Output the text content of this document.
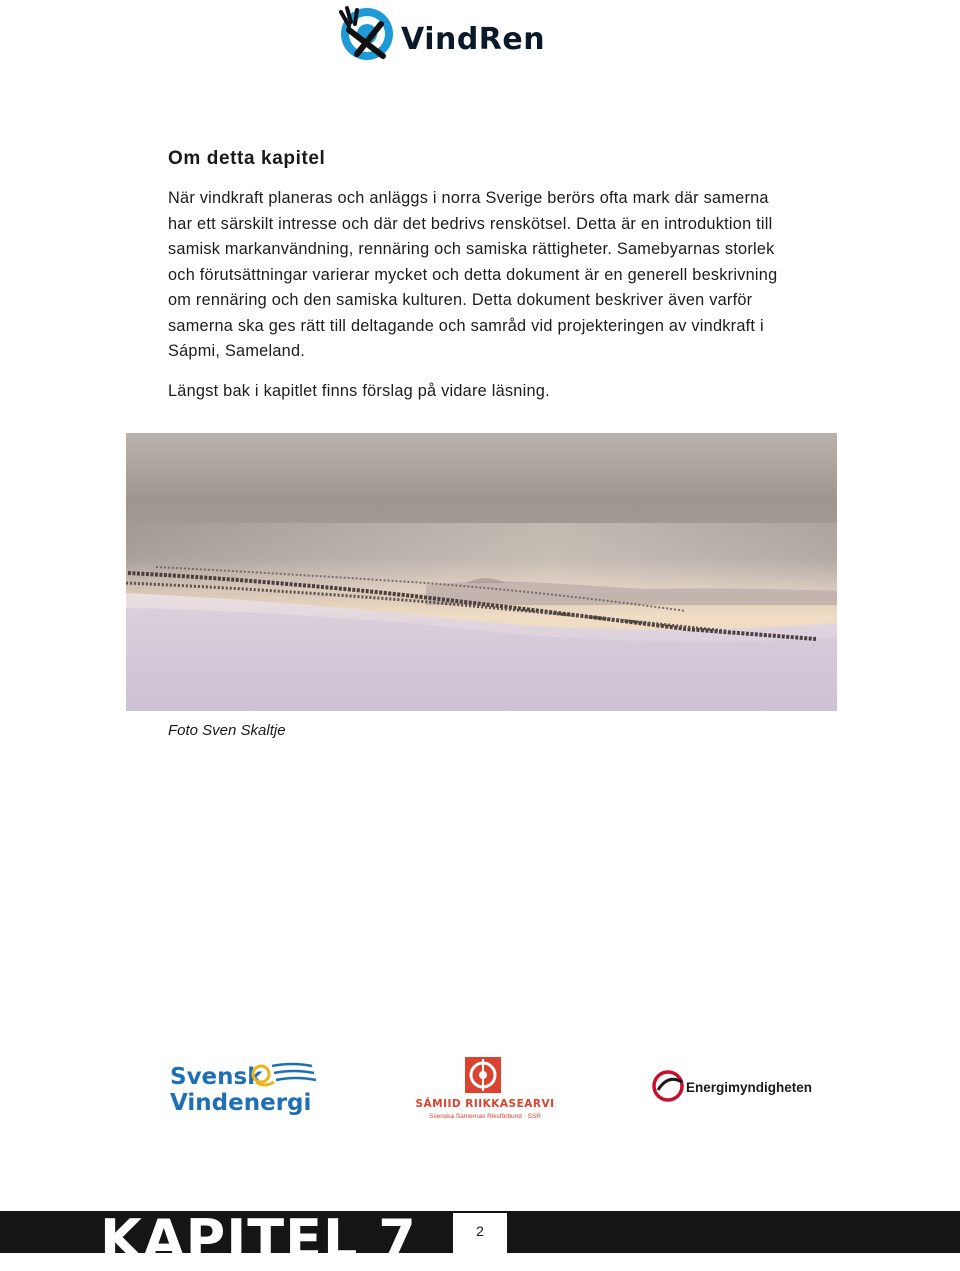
VindRen
Om detta kapitel

När vindkraft planeras och anläggs i norra Sverige berörs ofta mark där samerna har ett särskilt intresse och där det bedrivs renskötsel. Detta är en introduktion till samisk markanvändning, rennäring och samiska rättigheter. Samebyarnas storlek och förutsättningar varierar mycket och detta dokument är en generell beskrivning om rennäring och den samiska kulturen. Detta dokument beskriver även varför samerna ska ges rätt till deltagande och samråd vid projekteringen av vindkraft i Sápmi, Sameland.

Längst bak i kapitlet finns förslag på vidare läsning.

Foto Sven Skaltje
Svensk
Vindenergi	SÁMIID RIIKKASEARVI
Svenska Samernas Riksförbund · SSR
Energimyndigheten
KAPITEL 7	2
